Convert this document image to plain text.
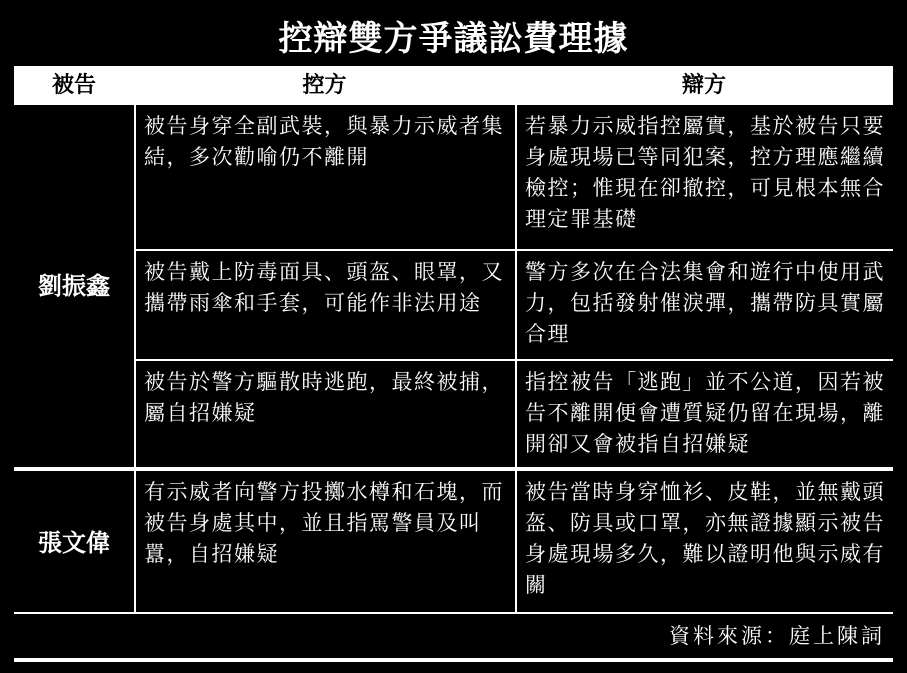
控辯雙方爭議訟費理據
被告	控方	辯方
劉振鑫
被告身穿全副武裝，與暴力示威者集結，多次勸喻仍不離開
若暴力示威指控屬實，基於被告只要身處現場已等同犯案，控方理應繼續檢控；惟現在卻撤控，可見根本無合理定罪基礎
被告戴上防毒面具、頭盔、眼罩，又攜帶雨傘和手套，可能作非法用途
警方多次在合法集會和遊行中使用武力，包括發射催淚彈，攜帶防具實屬合理
被告於警方驅散時逃跑，最終被捕，屬自招嫌疑
指控被告「逃跑」並不公道，因若被告不離開便會遭質疑仍留在現場，離開卻又會被指自招嫌疑
張文偉
有示威者向警方投擲水樽和石塊，而被告身處其中，並且指罵警員及叫囂，自招嫌疑
被告當時身穿恤衫、皮鞋，並無戴頭盔、防具或口罩，亦無證據顯示被告身處現場多久，難以證明他與示威有關
資料來源：庭上陳詞
